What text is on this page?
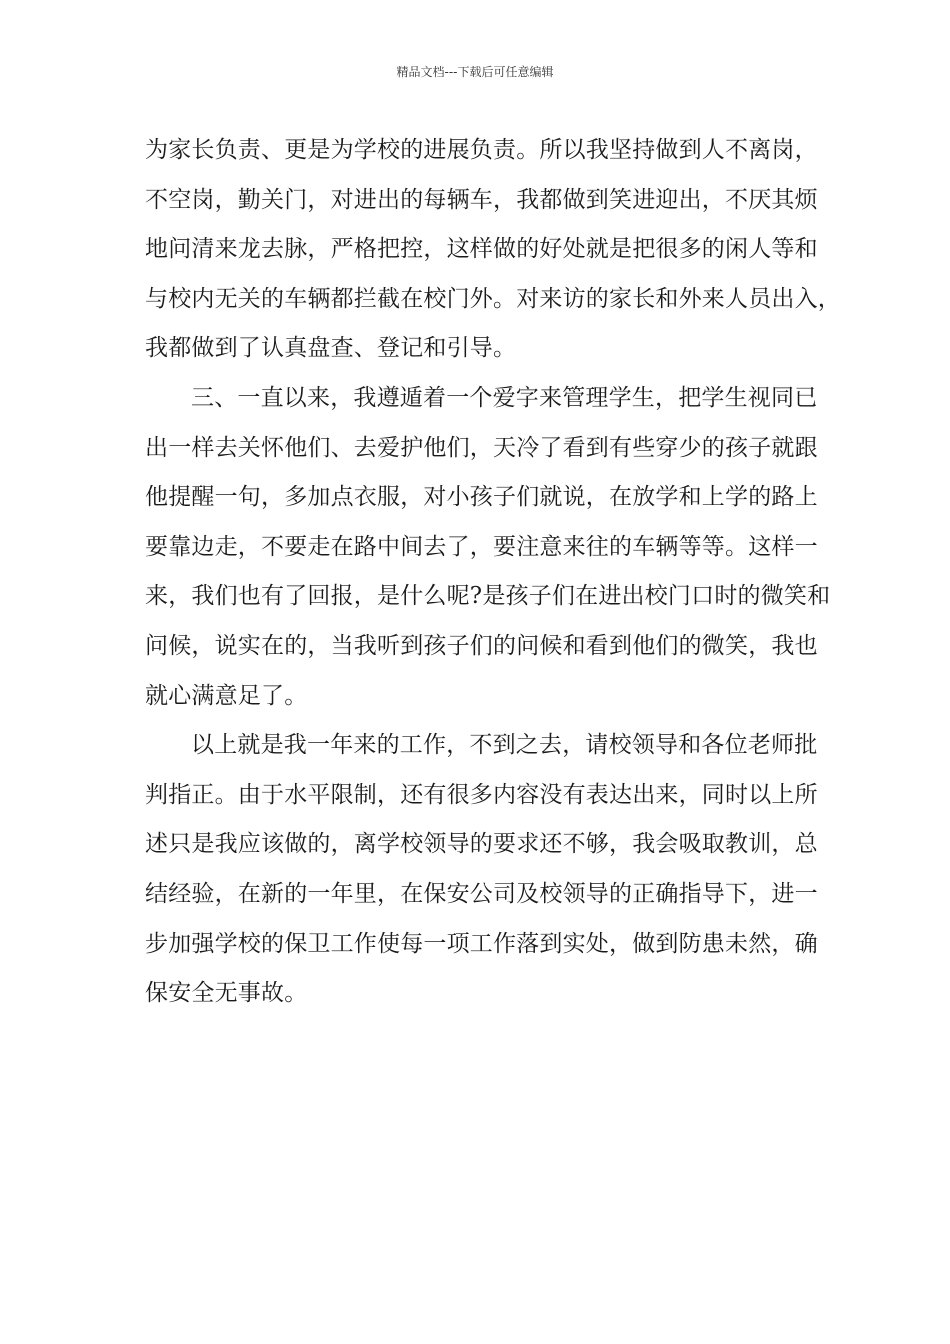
精品文档---下载后可任意编辑
为家长负责、更是为学校的进展负责。所以我坚持做到人不离岗，
不空岗，勤关门，对进出的每辆车，我都做到笑进迎出，不厌其烦
地问清来龙去脉，严格把控，这样做的好处就是把很多的闲人等和
与校内无关的车辆都拦截在校门外。对来访的家长和外来人员出入，
我都做到了认真盘查、登记和引导。
三、一直以来，我遵遁着一个爱字来管理学生，把学生视同已
出一样去关怀他们、去爱护他们，天冷了看到有些穿少的孩子就跟
他提醒一句，多加点衣服，对小孩子们就说，在放学和上学的路上
要靠边走，不要走在路中间去了，要注意来往的车辆等等。这样一
来，我们也有了回报，是什么呢?是孩子们在进出校门口时的微笑和
问候，说实在的，当我听到孩子们的问候和看到他们的微笑，我也
就心满意足了。
以上就是我一年来的工作，不到之去，请校领导和各位老师批
判指正。由于水平限制，还有很多内容没有表达出来，同时以上所
述只是我应该做的，离学校领导的要求还不够，我会吸取教训，总
结经验，在新的一年里，在保安公司及校领导的正确指导下，进一
步加强学校的保卫工作使每一项工作落到实处，做到防患未然，确
保安全无事故。
